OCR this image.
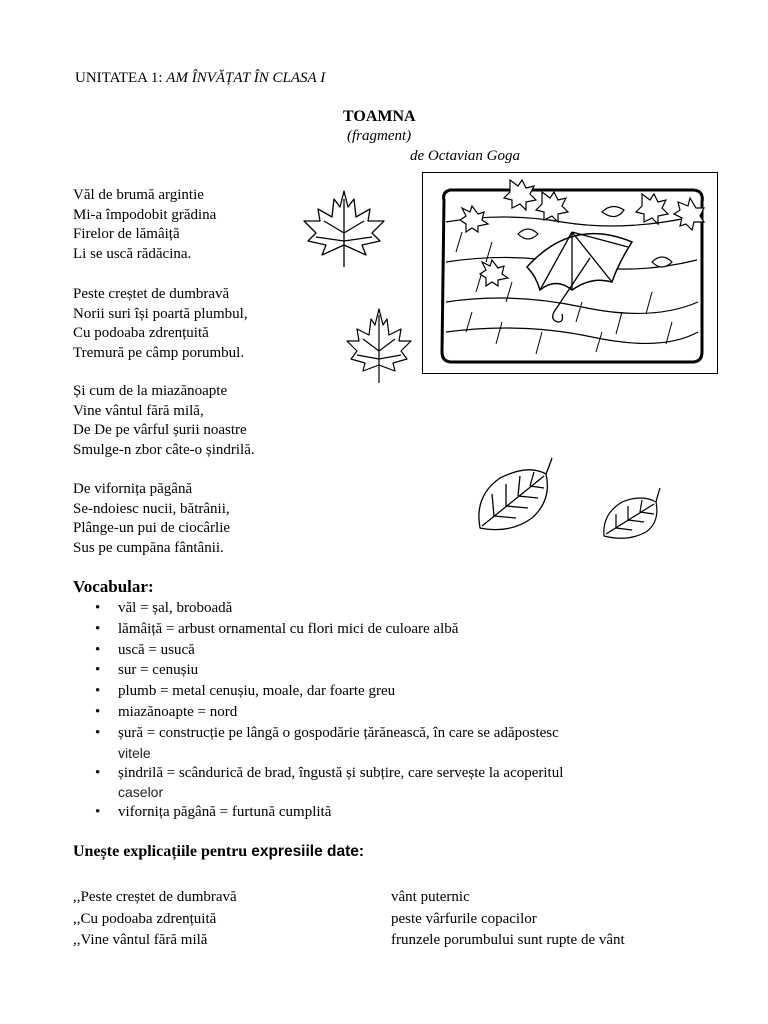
UNITATEA 1: AM ÎNVĂȚAT ÎN CLASA I
TOAMNA
(fragment)
de Octavian Goga
Văl de brumă argintie
Mi-a împodobit grădina
Firelor de lămâiță
Li se uscă rădăcina.
Peste creștet de dumbravă
Norii suri își poartă plumbul,
Cu podoaba zdrențuită
Tremură pe câmp porumbul.
Și cum de la miazănoapte
Vine vântul fără milă,
De De pe vârful șurii noastre
Smulge-n zbor câte-o șindrilă.
De vifornița păgână
Se-ndoiesc nucii, bătrânii,
Plânge-un pui de ciocârlie
Sus pe cumpăna fântânii.
Vocabular:
• văl = șal, broboadă
• lămâiță = arbust ornamental cu flori mici de culoare albă
• uscă = usucă
• sur = cenușiu
• plumb = metal cenușiu, moale, dar foarte greu
• miazănoapte = nord
• șură = construcție pe lângă o gospodărie țărănească, în care se adăpostesc
vitele
• șindrilă = scândurică de brad, îngustă și subțire, care servește la acoperitul
caselor
• vifornița păgână = furtună cumplită
Unește explicațiile pentru expresiile date:
,,Peste creștet de dumbravă	vânt puternic
,,Cu podoaba zdrențuită	peste vârfurile copacilor
,,Vine vântul fără milă	frunzele porumbului sunt rupte de vânt
